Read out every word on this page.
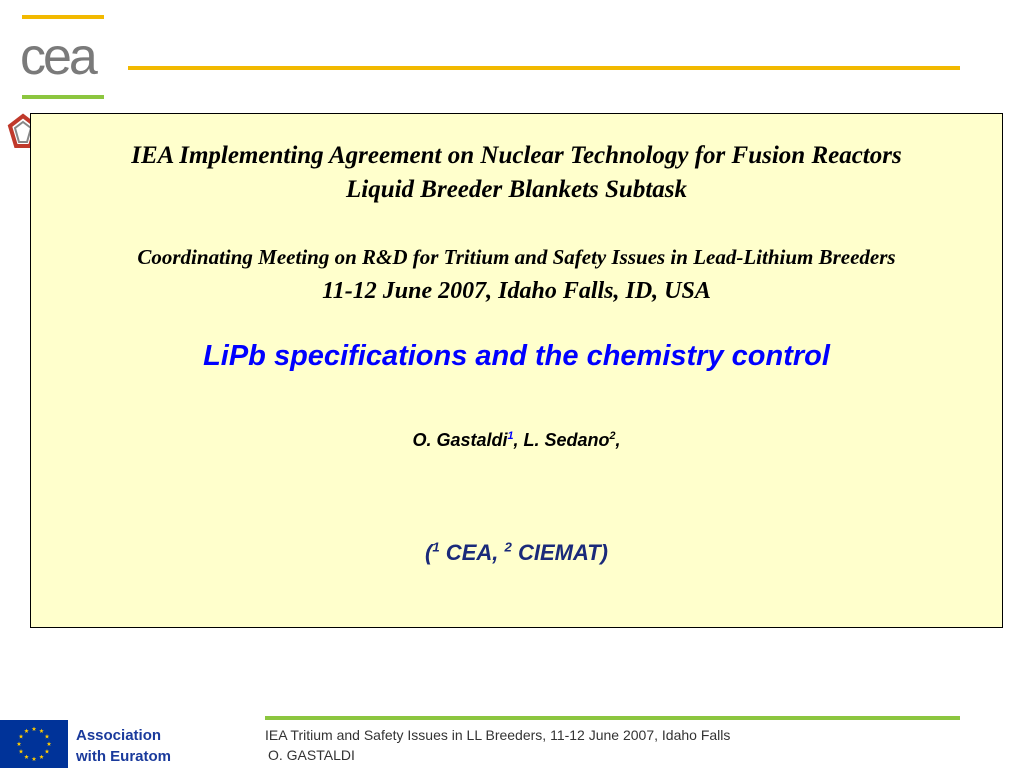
cea
IEA Implementing Agreement on Nuclear Technology for Fusion Reactors
Liquid Breeder Blankets Subtask
Coordinating Meeting on R&D for Tritium and Safety Issues in Lead-Lithium Breeders
11-12 June 2007, Idaho Falls, ID, USA
LiPb specifications and the chemistry control
O. Gastaldi$^1$, L. Sedano$^2$,
($^1$ CEA, $^2$ CIEMAT)
Association
with Euratom
IEA Tritium and Safety Issues in LL Breeders, 11-12 June 2007, Idaho Falls
O. GASTALDI
